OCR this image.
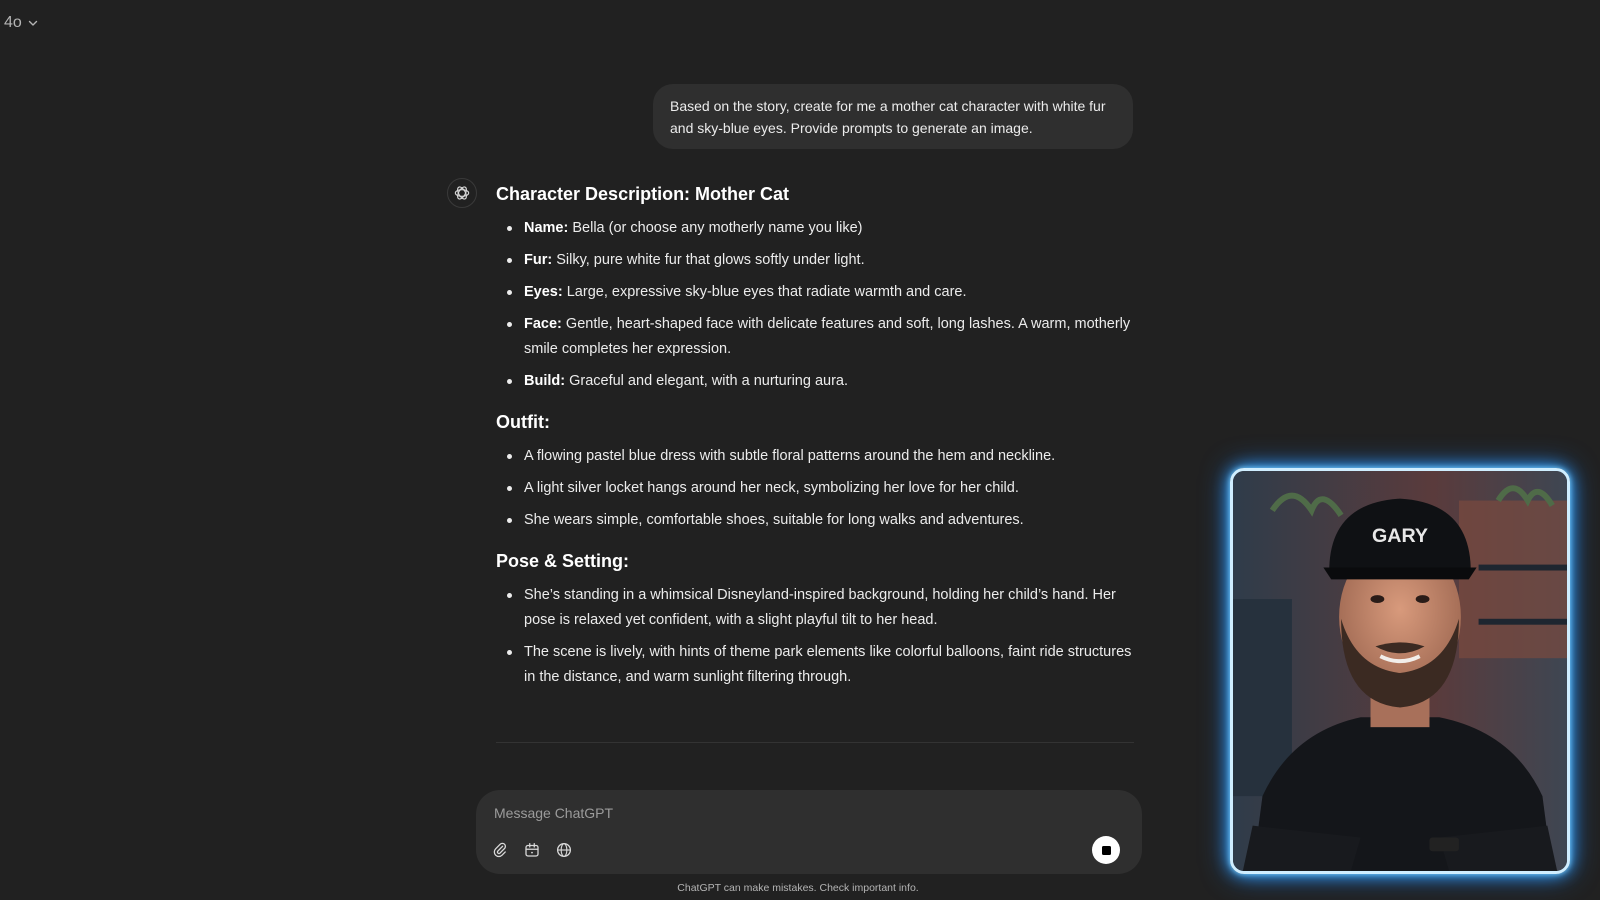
4o
Based on the story, create for me a mother cat character with white fur and sky-blue eyes. Provide prompts to generate an image.
Character Description: Mother Cat
Name: Bella (or choose any motherly name you like)
Fur: Silky, pure white fur that glows softly under light.
Eyes: Large, expressive sky-blue eyes that radiate warmth and care.
Face: Gentle, heart-shaped face with delicate features and soft, long lashes. A warm, motherly smile completes her expression.
Build: Graceful and elegant, with a nurturing aura.
Outfit:
A flowing pastel blue dress with subtle floral patterns around the hem and neckline.
A light silver locket hangs around her neck, symbolizing her love for her child.
She wears simple, comfortable shoes, suitable for long walks and adventures.
Pose & Setting:
She’s standing in a whimsical Disneyland-inspired background, holding her child’s hand. Her pose is relaxed yet confident, with a slight playful tilt to her head.
The scene is lively, with hints of theme park elements like colorful balloons, faint ride structures in the distance, and warm sunlight filtering through.
Message ChatGPT
ChatGPT can make mistakes. Check important info.
GARY
